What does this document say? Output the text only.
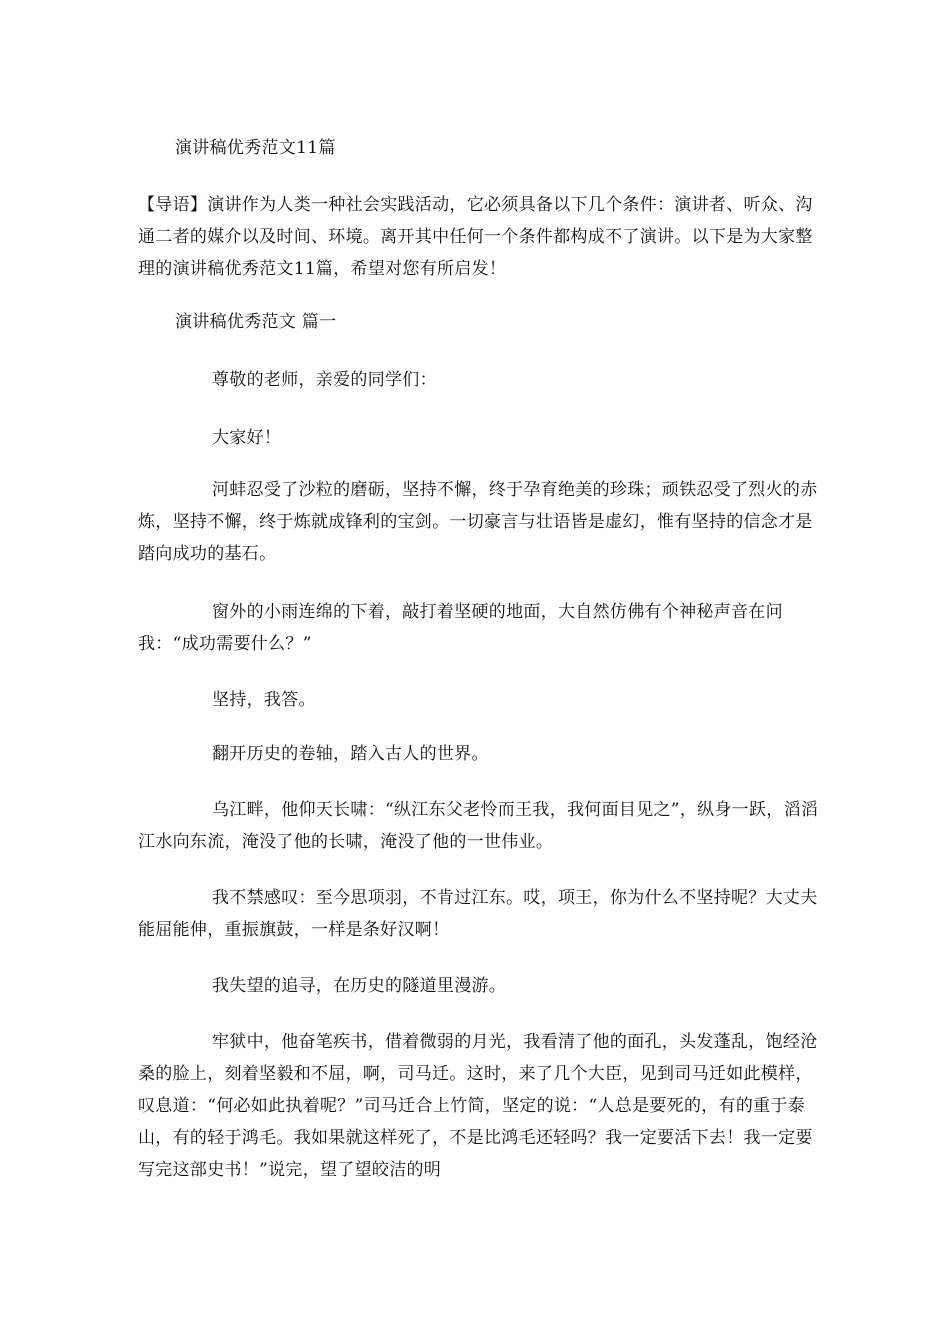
演讲稿优秀范文11篇

【导语】演讲作为人类一种社会实践活动，它必须具备以下几个条件：演讲者、听众、沟通二者的媒介以及时间、环境。离开其中任何一个条件都构成不了演讲。以下是为大家整理的演讲稿优秀范文11篇，希望对您有所启发！

演讲稿优秀范文 篇一

尊敬的老师，亲爱的同学们：

大家好！

河蚌忍受了沙粒的磨砺，坚持不懈，终于孕育绝美的珍珠；顽铁忍受了烈火的赤炼，坚持不懈，终于炼就成锋利的宝剑。一切豪言与壮语皆是虚幻，惟有坚持的信念才是踏向成功的基石。

窗外的小雨连绵的下着，敲打着坚硬的地面，大自然仿佛有个神秘声音在问我：“成功需要什么？”

坚持，我答。

翻开历史的卷轴，踏入古人的世界。

乌江畔，他仰天长啸：“纵江东父老怜而王我，我何面目见之”，纵身一跃，滔滔江水向东流，淹没了他的长啸，淹没了他的一世伟业。

我不禁感叹：至今思项羽，不肯过江东。哎，项王，你为什么不坚持呢？大丈夫能屈能伸，重振旗鼓，一样是条好汉啊！

我失望的追寻，在历史的隧道里漫游。

牢狱中，他奋笔疾书，借着微弱的月光，我看清了他的面孔，头发蓬乱，饱经沧桑的脸上，刻着坚毅和不屈，啊，司马迁。这时，来了几个大臣，见到司马迁如此模样，叹息道：“何必如此执着呢？”司马迁合上竹简，坚定的说：“人总是要死的，有的重于泰山，有的轻于鸿毛。我如果就这样死了，不是比鸿毛还轻吗？我一定要活下去！我一定要写完这部史书！”说完，望了望皎洁的明
